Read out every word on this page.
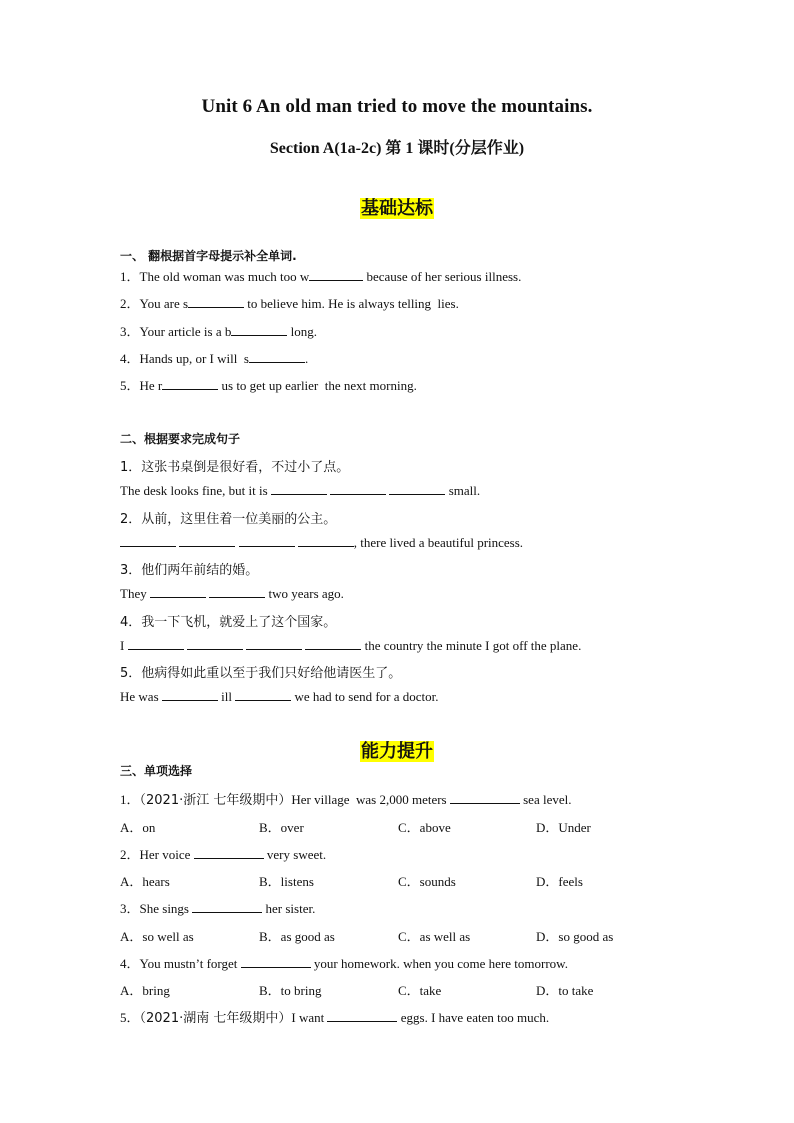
Unit 6 An old man tried to move the mountains.
Section A(1a-2c) 第 1 课时(分层作业)
基础达标
一、 翻根据首字母提示补全单词.
1．The old woman was much too w	because of her serious illness.
2．You are s	to believe him. He is always telling  lies.
3．Your article is a b	long.
4．Hands up, or I will  s	.
5．He r	us to get up earlier  the next morning.
二、根据要求完成句子
1．这张书桌倒是很好看，不过小了点。
The desk looks fine, but it is	small.
2．从前，这里住着一位美丽的公主。
, there lived a beautiful princess.
3．他们两年前结的婚。
They	two years ago.
4．我一下飞机，就爱上了这个国家。
I	the country the minute I got off the plane.
5．他病得如此重以至于我们只好给他请医生了。
He was	ill	we had to send for a doctor.
能力提升
三、单项选择
1．（2021·浙江 七年级期中）Her village  was 2,000 meters	sea level.
A．on	B．over	C．above	D．Under
2．Her voice	very sweet.
A．hears	B．listens	C．sounds	D．feels
3．She sings	her sister.
A．so well as	B．as good as	C．as well as	D．so good as
4．You mustn’t forget	your homework. when you come here tomorrow.
A．bring	B．to bring	C．take	D．to take
5．（2021·湖南 七年级期中）I want	eggs. I have eaten too much.
